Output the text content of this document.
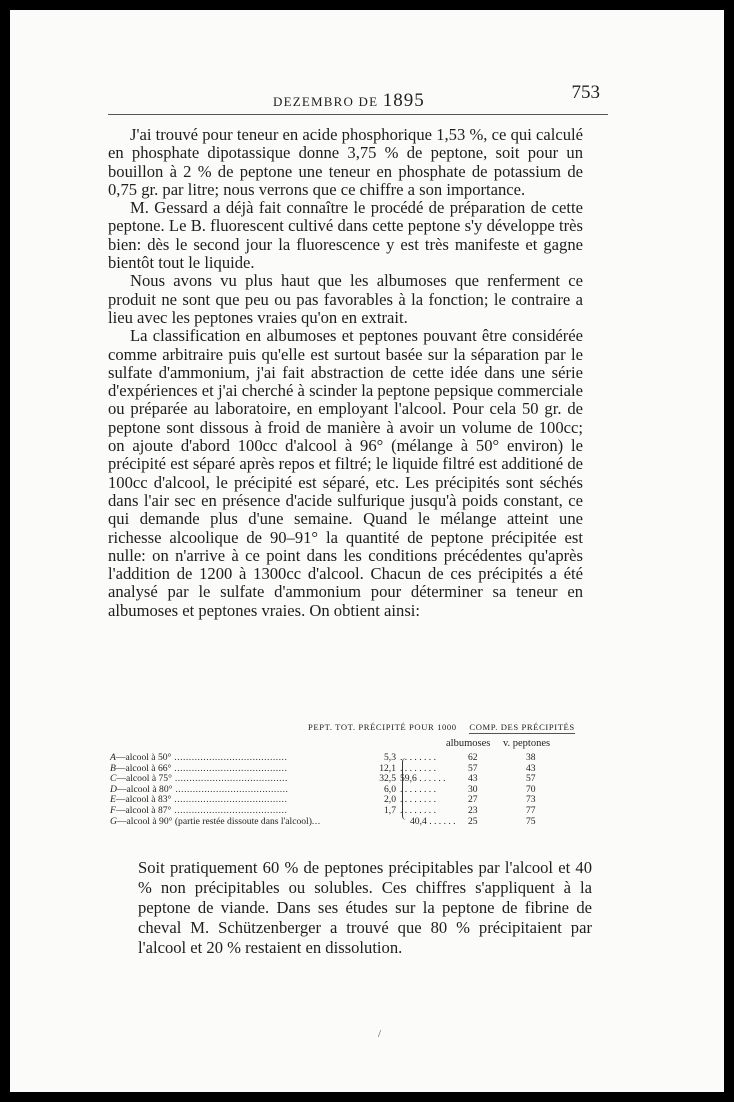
DEZEMBRO DE 1895	753

J'ai trouvé pour teneur en acide phosphorique 1,53 %, ce qui calculé en phosphate dipotassique donne 3,75 % de peptone, soit pour un bouillon à 2 % de peptone une teneur en phosphate de potassium de 0,75 gr. par litre; nous verrons que ce chiffre a son importance.

M. Gessard a déjà fait connaître le procédé de préparation de cette peptone. Le B. fluorescent cultivé dans cette peptone s'y développe très bien: dès le second jour la fluorescence y est très manifeste et gagne bientôt tout le liquide.

Nous avons vu plus haut que les albumoses que renferment ce produit ne sont que peu ou pas favorables à la fonction; le contraire a lieu avec les peptones vraies qu'on en extrait.

La classification en albumoses et peptones pouvant être considérée comme arbitraire puis qu'elle est surtout basée sur la séparation par le sulfate d'ammonium, j'ai fait abstraction de cette idée dans une série d'expériences et j'ai cherché à scinder la peptone pepsique commerciale ou préparée au laboratoire, en employant l'alcool. Pour cela 50 gr. de peptone sont dissous à froid de manière à avoir un volume de 100cc; on ajoute d'abord 100cc d'alcool à 96° (mélange à 50° environ) le précipité est séparé après repos et filtré; le liquide filtré est additioné de 100cc d'alcool, le précipité est séparé, etc. Les précipités sont séchés dans l'air sec en présence d'acide sulfurique jusqu'à poids constant, ce qui demande plus d'une semaine. Quand le mélange atteint une richesse alcoolique de 90–91° la quantité de peptone précipitée est nulle: on n'arrive à ce point dans les conditions précédentes qu'après l'addition de 1200 à 1300cc d'alcool. Chacun de ces précipités a été analysé par le sulfate d'ammonium pour déterminer sa teneur en albumoses et peptones vraies. On obtient ainsi:

PEPT. TOT. PRÉCIPITÉ POUR 1000 COMP. DES PRÉCIPITÉS
albumoses v. peptones
A—alcool à 50° .......................................	5,3 . . . . . . . .	62	38
B—alcool à 66° .......................................	12,1 . . . . . . . .	57	43
C—alcool à 75° .......................................	32,5 59,6 . . . . . . 43	57
D—alcool à 80° .......................................	6,0 . . . . . . . .	30	70
E—alcool à 83° .......................................	2,0 . . . . . . . .	27	73
F—alcool à 87° .......................................	1,7 . . . . . . . .	23	77
G—alcool à 90° (partie restée dissoute dans l'alcool)...	40,4 . . . . . . 25	75

Soit pratiquement 60 % de peptones précipitables par l'alcool et 40 % non précipitables ou solubles. Ces chiffres s'appliquent à la peptone de viande. Dans ses études sur la peptone de fibrine de cheval M. Schützenberger a trouvé que 80 % précipitaient par l'alcool et 20 % restaient en dissolution.

/
